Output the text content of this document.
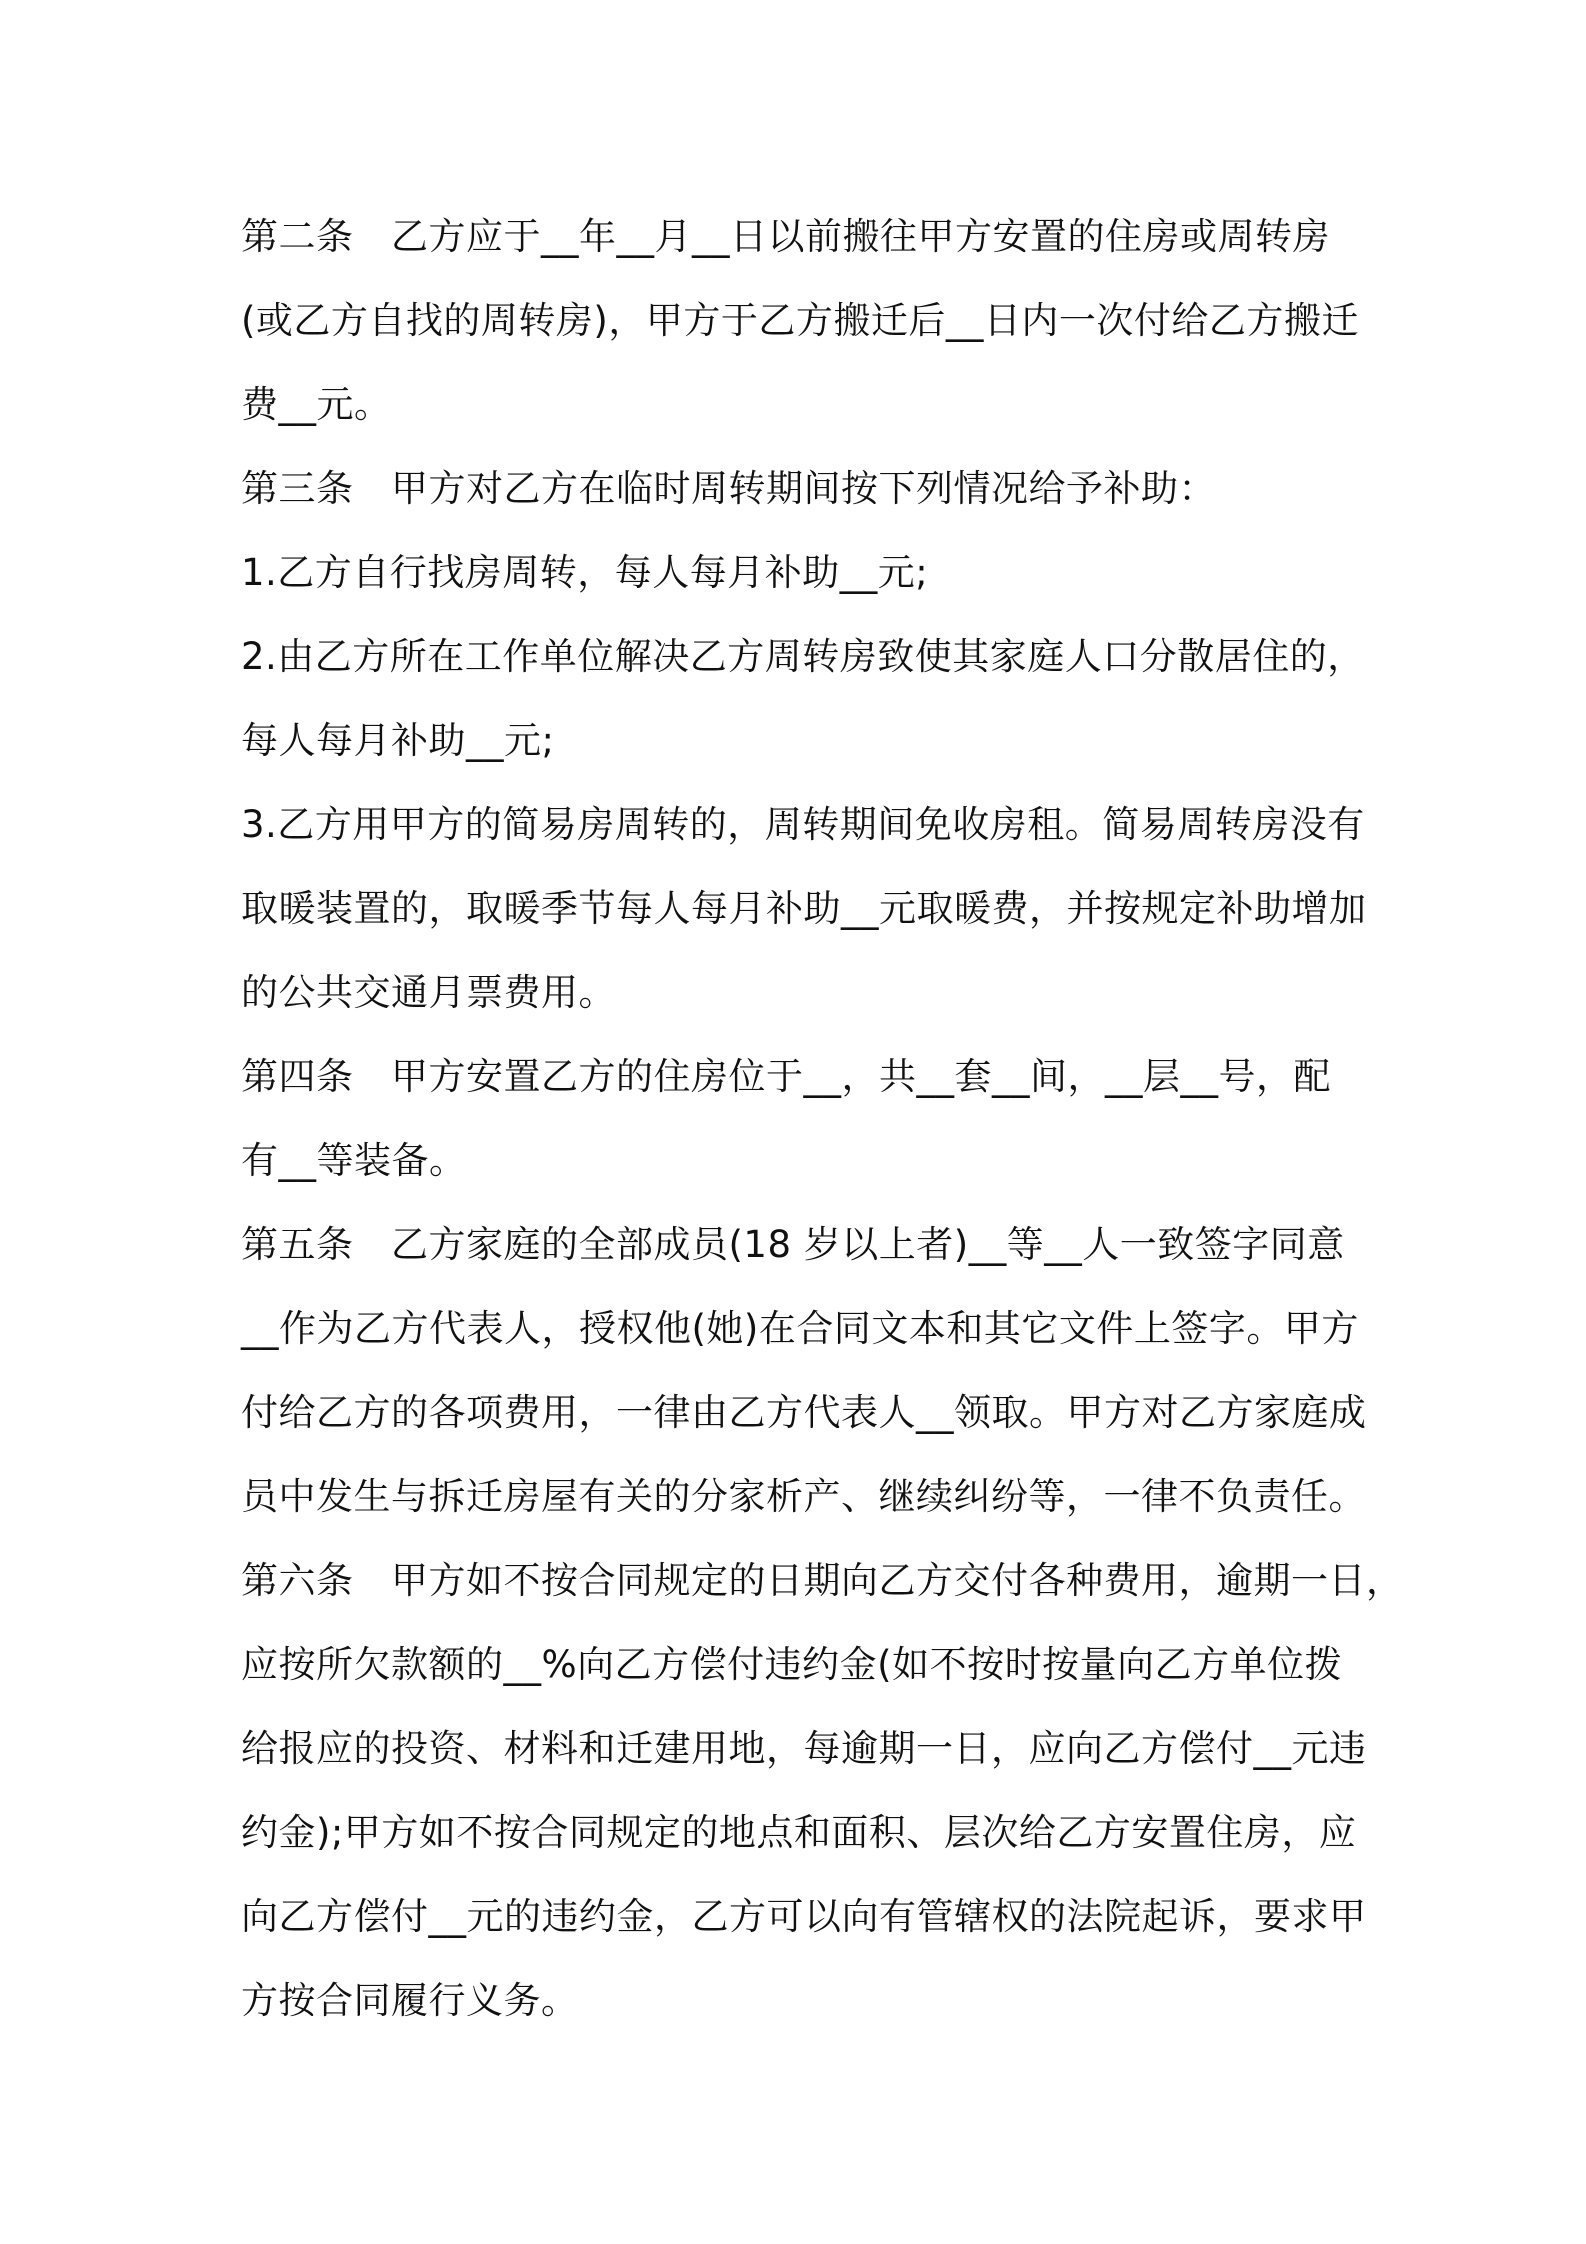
第二条　乙方应于__年__月__日以前搬往甲方安置的住房或周转房
(或乙方自找的周转房)，甲方于乙方搬迁后__日内一次付给乙方搬迁
费__元。
第三条　甲方对乙方在临时周转期间按下列情况给予补助：
1.乙方自行找房周转，每人每月补助__元;
2.由乙方所在工作单位解决乙方周转房致使其家庭人口分散居住的，
每人每月补助__元;
3.乙方用甲方的简易房周转的，周转期间免收房租。简易周转房没有
取暖装置的，取暖季节每人每月补助__元取暖费，并按规定补助增加
的公共交通月票费用。
第四条　甲方安置乙方的住房位于__，共__套__间，__层__号，配
有__等装备。
第五条　乙方家庭的全部成员(18 岁以上者)__等__人一致签字同意
__作为乙方代表人，授权他(她)在合同文本和其它文件上签字。甲方
付给乙方的各项费用，一律由乙方代表人__领取。甲方对乙方家庭成
员中发生与拆迁房屋有关的分家析产、继续纠纷等，一律不负责任。
第六条　甲方如不按合同规定的日期向乙方交付各种费用，逾期一日，
应按所欠款额的__%向乙方偿付违约金(如不按时按量向乙方单位拨
给报应的投资、材料和迁建用地，每逾期一日，应向乙方偿付__元违
约金);甲方如不按合同规定的地点和面积、层次给乙方安置住房，应
向乙方偿付__元的违约金，乙方可以向有管辖权的法院起诉，要求甲
方按合同履行义务。
